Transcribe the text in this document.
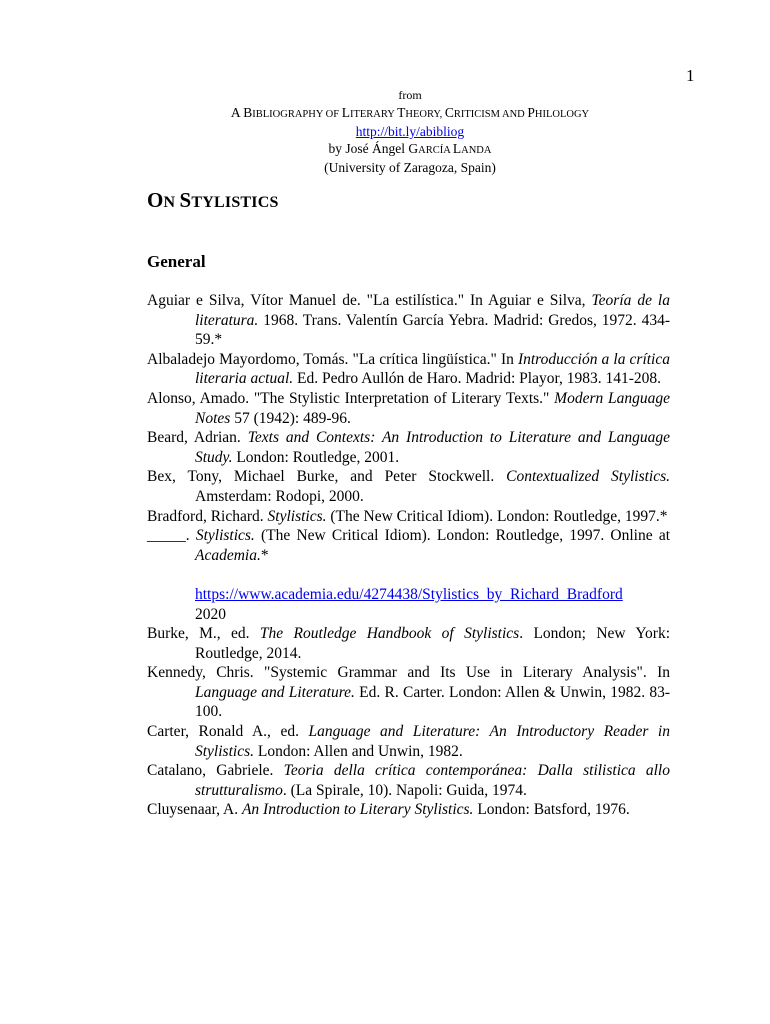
1
from
A BIBLIOGRAPHY OF LITERARY THEORY, CRITICISM AND PHILOLOGY
http://bit.ly/abibliog
by José Ángel GARCÍA LANDA
(University of Zaragoza, Spain)
ON STYLISTICS
General

Aguiar e Silva, Vítor Manuel de. "La estilística." In Aguiar e Silva, Teoría de la literatura. 1968. Trans. Valentín García Yebra. Madrid: Gredos, 1972. 434-59.*

Albaladejo Mayordomo, Tomás. "La crítica lingüística." In Introducción a la crítica literaria actual. Ed. Pedro Aullón de Haro. Madrid: Playor, 1983. 141-208.

Alonso, Amado. "The Stylistic Interpretation of Literary Texts." Modern Language Notes 57 (1942): 489-96.

Beard, Adrian. Texts and Contexts: An Introduction to Literature and Language Study. London: Routledge, 2001.

Bex, Tony, Michael Burke, and Peter Stockwell. Contextualized Stylistics. Amsterdam: Rodopi, 2000.

Bradford, Richard. Stylistics. (The New Critical Idiom). London: Routledge, 1997.*

_____. Stylistics. (The New Critical Idiom). London: Routledge, 1997. Online at Academia.*

https://www.academia.edu/4274438/Stylistics_by_Richard_Bradford
2020

Burke, M., ed. The Routledge Handbook of Stylistics. London; New York: Routledge, 2014.

Kennedy, Chris. "Systemic Grammar and Its Use in Literary Analysis". In Language and Literature. Ed. R. Carter. London: Allen & Unwin, 1982. 83-100.

Carter, Ronald A., ed. Language and Literature: An Introductory Reader in Stylistics. London: Allen and Unwin, 1982.

Catalano, Gabriele. Teoria della crítica contemporánea: Dalla stilistica allo strutturalismo. (La Spirale, 10). Napoli: Guida, 1974.

Cluysenaar, A. An Introduction to Literary Stylistics. London: Batsford, 1976.
